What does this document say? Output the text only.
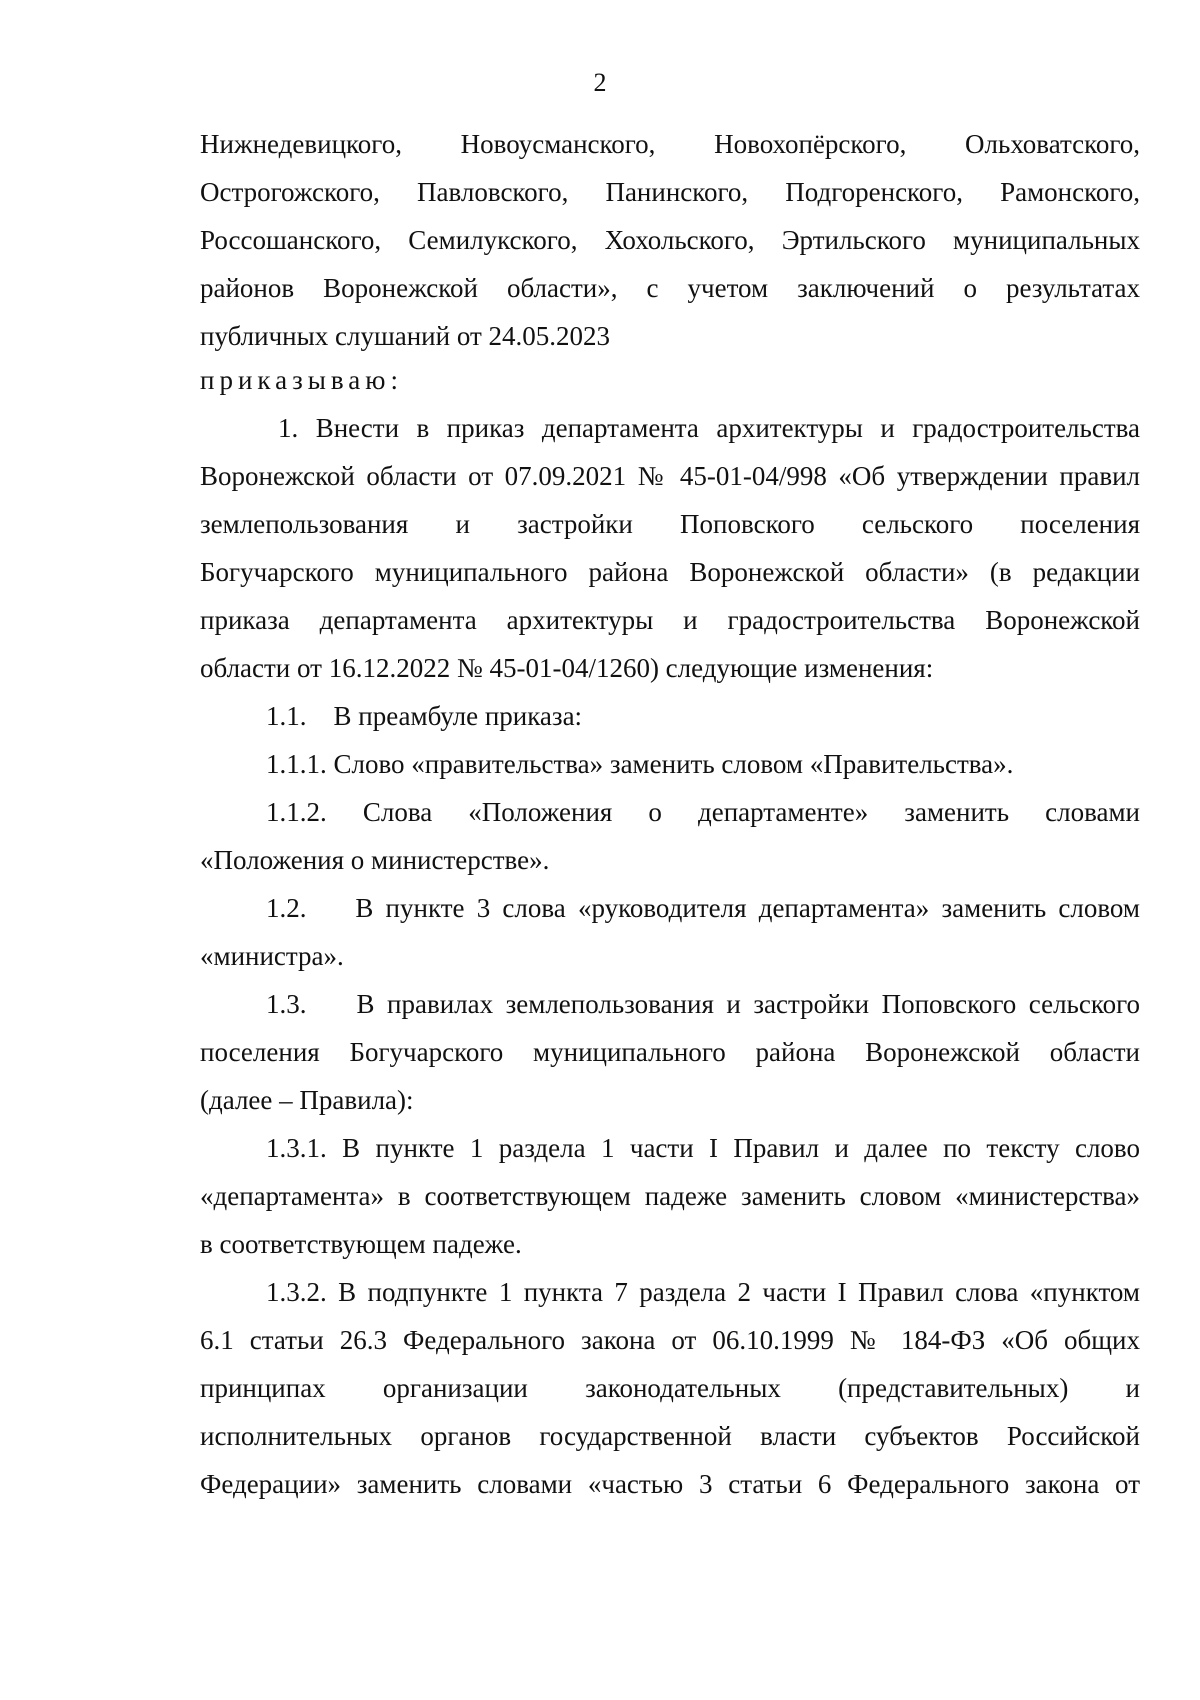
2
Нижнедевицкого, Новоусманского, Новохопёрского, Ольховатского,
Острогожского, Павловского, Панинского, Подгоренского, Рамонского,
Россошанского, Семилукского, Хохольского, Эртильского муниципальных
районов Воронежской области», с учетом заключений о результатах
публичных слушаний от 24.05.2023
приказываю:
1. Внести в приказ департамента архитектуры и градостроительства
Воронежской области от 07.09.2021 № 45-01-04/998 «Об утверждении правил
землепользования и застройки Поповского сельского поселения
Богучарского муниципального района Воронежской области» (в редакции
приказа департамента архитектуры и градостроительства Воронежской
области от 16.12.2022 № 45-01-04/1260) следующие изменения:
1.1.    В преамбуле приказа:
1.1.1. Слово «правительства» заменить словом «Правительства».
1.1.2. Слова «Положения о департаменте» заменить словами
«Положения о министерстве».
1.2.    В пункте 3 слова «руководителя департамента» заменить словом
«министра».
1.3.    В правилах землепользования и застройки Поповского сельского
поселения Богучарского муниципального района Воронежской области
(далее – Правила):
1.3.1. В пункте 1 раздела 1 части I Правил и далее по тексту слово
«департамента» в соответствующем падеже заменить словом «министерства»
в соответствующем падеже.
1.3.2. В подпункте 1 пункта 7 раздела 2 части I Правил слова «пунктом
6.1 статьи 26.3 Федерального закона от 06.10.1999 № 184-ФЗ «Об общих
принципах организации законодательных (представительных) и
исполнительных органов государственной власти субъектов Российской
Федерации» заменить словами «частью 3 статьи 6 Федерального закона от
